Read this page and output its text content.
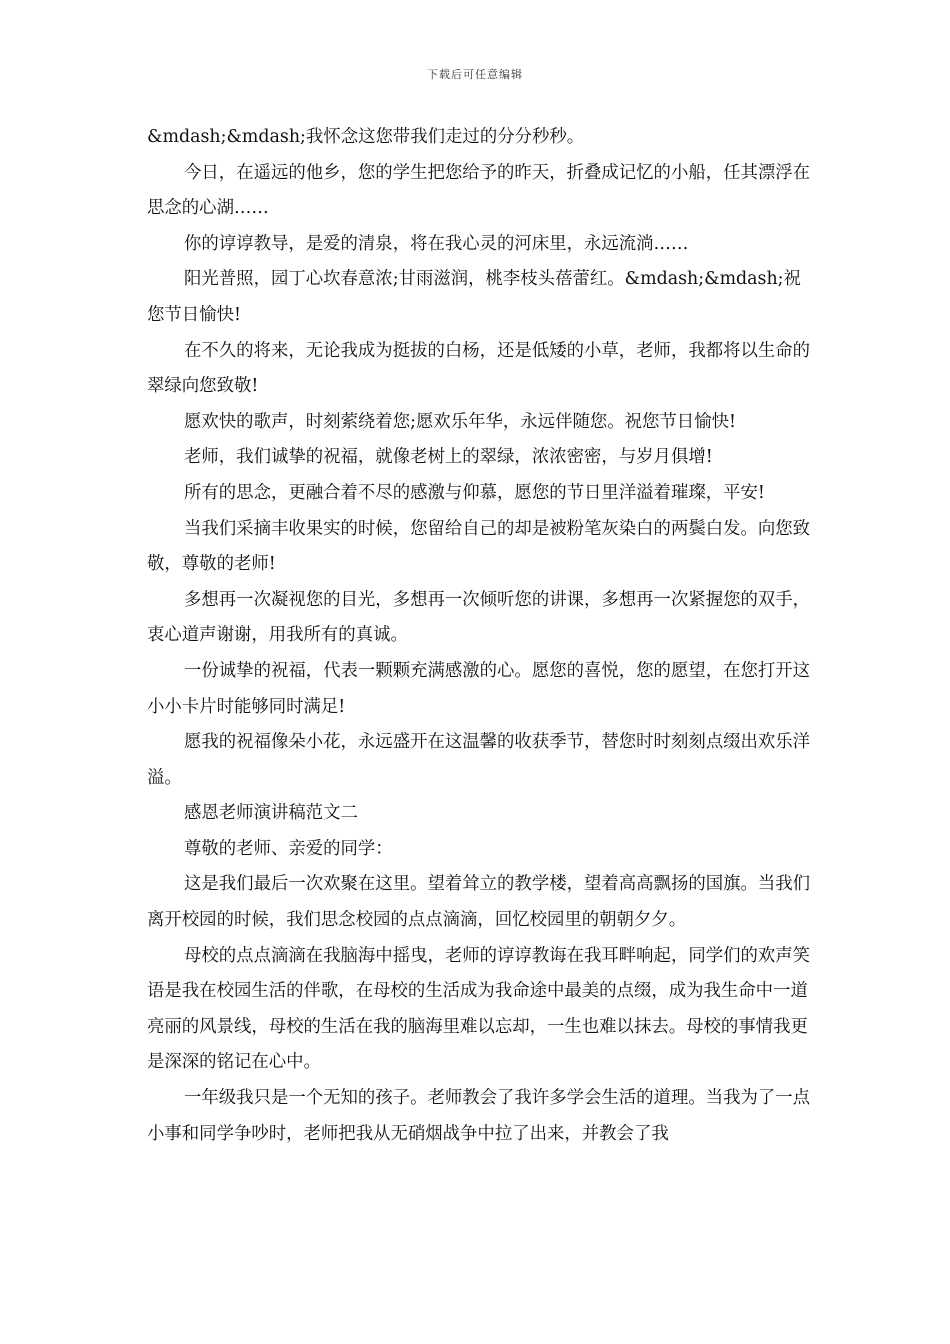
下载后可任意编辑

&mdash;&mdash;我怀念这您带我们走过的分分秒秒。

今日，在遥远的他乡，您的学生把您给予的昨天，折叠成记忆的小船，任其漂浮在思念的心湖……

你的谆谆教导，是爱的清泉，将在我心灵的河床里，永远流淌……

阳光普照，园丁心坎春意浓;甘雨滋润，桃李枝头蓓蕾红。&mdash;&mdash;祝您节日愉快!

在不久的将来，无论我成为挺拔的白杨，还是低矮的小草，老师，我都将以生命的翠绿向您致敬!

愿欢快的歌声，时刻萦绕着您;愿欢乐年华，永远伴随您。祝您节日愉快!

老师，我们诚挚的祝福，就像老树上的翠绿，浓浓密密，与岁月俱增!

所有的思念，更融合着不尽的感激与仰慕，愿您的节日里洋溢着璀璨，平安!

当我们采摘丰收果实的时候，您留给自己的却是被粉笔灰染白的两鬓白发。向您致敬，尊敬的老师!

多想再一次凝视您的目光，多想再一次倾听您的讲课，多想再一次紧握您的双手，衷心道声谢谢，用我所有的真诚。

一份诚挚的祝福，代表一颗颗充满感激的心。愿您的喜悦，您的愿望，在您打开这小小卡片时能够同时满足!

愿我的祝福像朵小花，永远盛开在这温馨的收获季节，替您时时刻刻点缀出欢乐洋溢。

感恩老师演讲稿范文二

尊敬的老师、亲爱的同学：

这是我们最后一次欢聚在这里。望着耸立的教学楼，望着高高飘扬的国旗。当我们离开校园的时候，我们思念校园的点点滴滴，回忆校园里的朝朝夕夕。

母校的点点滴滴在我脑海中摇曳，老师的谆谆教诲在我耳畔响起，同学们的欢声笑语是我在校园生活的伴歌，在母校的生活成为我命途中最美的点缀，成为我生命中一道亮丽的风景线，母校的生活在我的脑海里难以忘却，一生也难以抹去。母校的事情我更是深深的铭记在心中。

一年级我只是一个无知的孩子。老师教会了我许多学会生活的道理。当我为了一点小事和同学争吵时，老师把我从无硝烟战争中拉了出来，并教会了我
